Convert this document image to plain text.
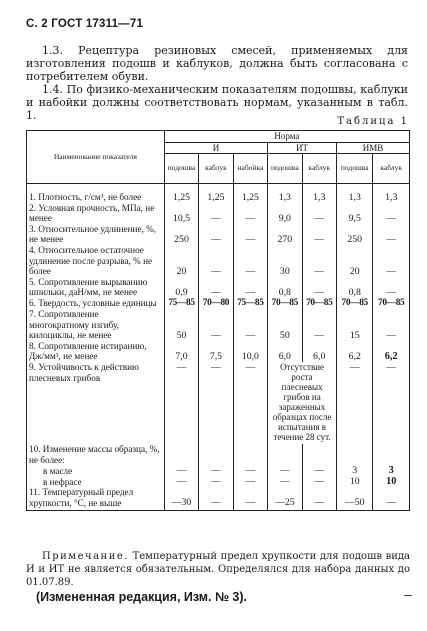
С. 2 ГОСТ 17311—71

1.3. Рецептура резиновых смесей, применяемых для изготовления подошв и каблуков, должна быть согласована с потребителем обуви.

1.4. По физико-механическим показателям подошвы, каблуки и набойки должны соответствовать нормам, указанным в табл. 1.	Таблица 1
Наименование показателя	Норма						
	И			ИТ		ИМВ	
	подошва	каблук	набойка	подошва	каблук	подошва	каблук
1. Плотность, г/см³, не более	1,25	1,25	1,25	1,3	1,3	1,3	1,3
2. Условная прочность, МПа, не менее	10,5	—	—	9,0	—	9,5	—
3. Относительное удлинение, %, не менее	250	—	—	270	—	250	—
4. Относительное остаточное удлинение после разрыва, % не более	20	—	—	30	—	20	—
5. Сопротивление вырыванию шпильки, даН/мм, не менее	0,9	—	—	0,8	—	0,8	—
6. Твердость, условные единицы	75—85	70—80	75—85	70—85	70—85	70—85	70—85
7. Сопротивление многократному изгибу, килоциклы, не менее	50	—	—	50	—	15	—
8. Сопротивление истиранию, Дж/мм³, не менее	7,0	7,5	10,0	6,0	6,0	6,2	6,2
9. Устойчивость к действию плесневых грибов	—	—	—	Отсутствие роста плесневых грибов на зараженных образцах после испытания в течение 28 сут.		—	—
10. Изменение массы образца, %, не более:							
в масле	—	—	—	—	—	3	3
в нефрасе	—	—	—	—	—	10	10
11. Температурный предел хрупкости, °С, не выше	—30	—	—	—25	—	—50	—

Примечание. Температурный предел хрупкости для подошв вида И и ИТ не является обязательным. Определялся для набора данных до 01.07.89.

(Измененная редакция, Изм. № 3).
